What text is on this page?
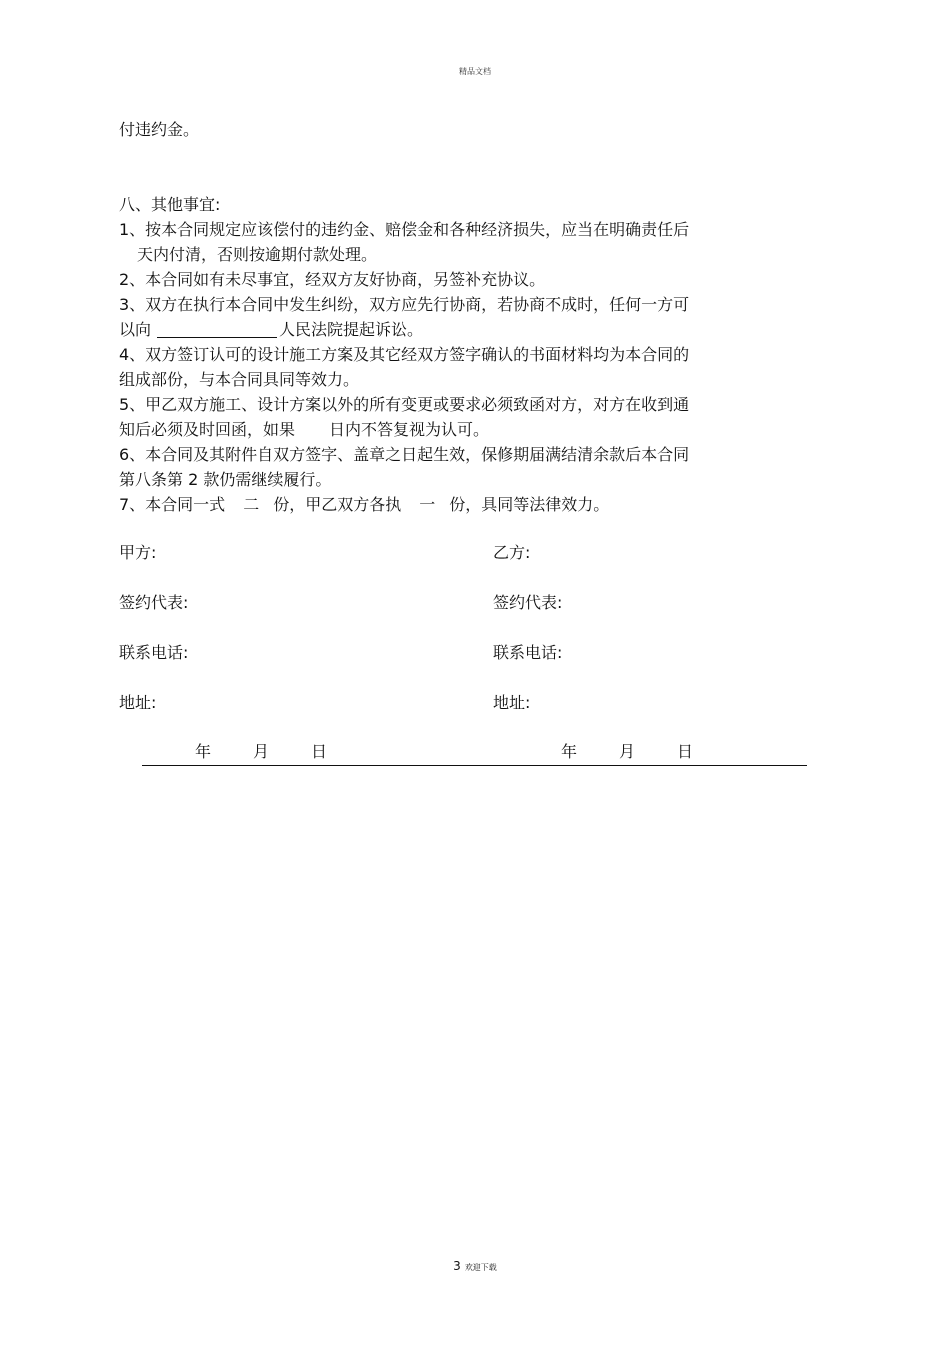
精品文档
付违约金。
八、其他事宜:
1、按本合同规定应该偿付的违约金、赔偿金和各种经济损失，应当在明确责任后
天内付清，否则按逾期付款处理。
2、本合同如有未尽事宜，经双方友好协商，另签补充协议。
3、双方在执行本合同中发生纠纷，双方应先行协商，若协商不成时，任何一方可
以向	人民法院提起诉讼。
4、双方签订认可的设计施工方案及其它经双方签字确认的书面材料均为本合同的
组成部份，与本合同具同等效力。
5、甲乙双方施工、设计方案以外的所有变更或要求必须致函对方，对方在收到通
知后必须及时回函，如果 日内不答复视为认可。
6、本合同及其附件自双方签字、盖章之日起生效，保修期届满结清余款后本合同
第八条第 2 款仍需继续履行。
7、本合同一式 二 份，甲乙双方各执 一 份，具同等法律效力。
甲方:	乙方:
签约代表:	签约代表:
联系电话:	联系电话:
地址:	地址:
年	月	日	年	月	日
3 欢迎下载
